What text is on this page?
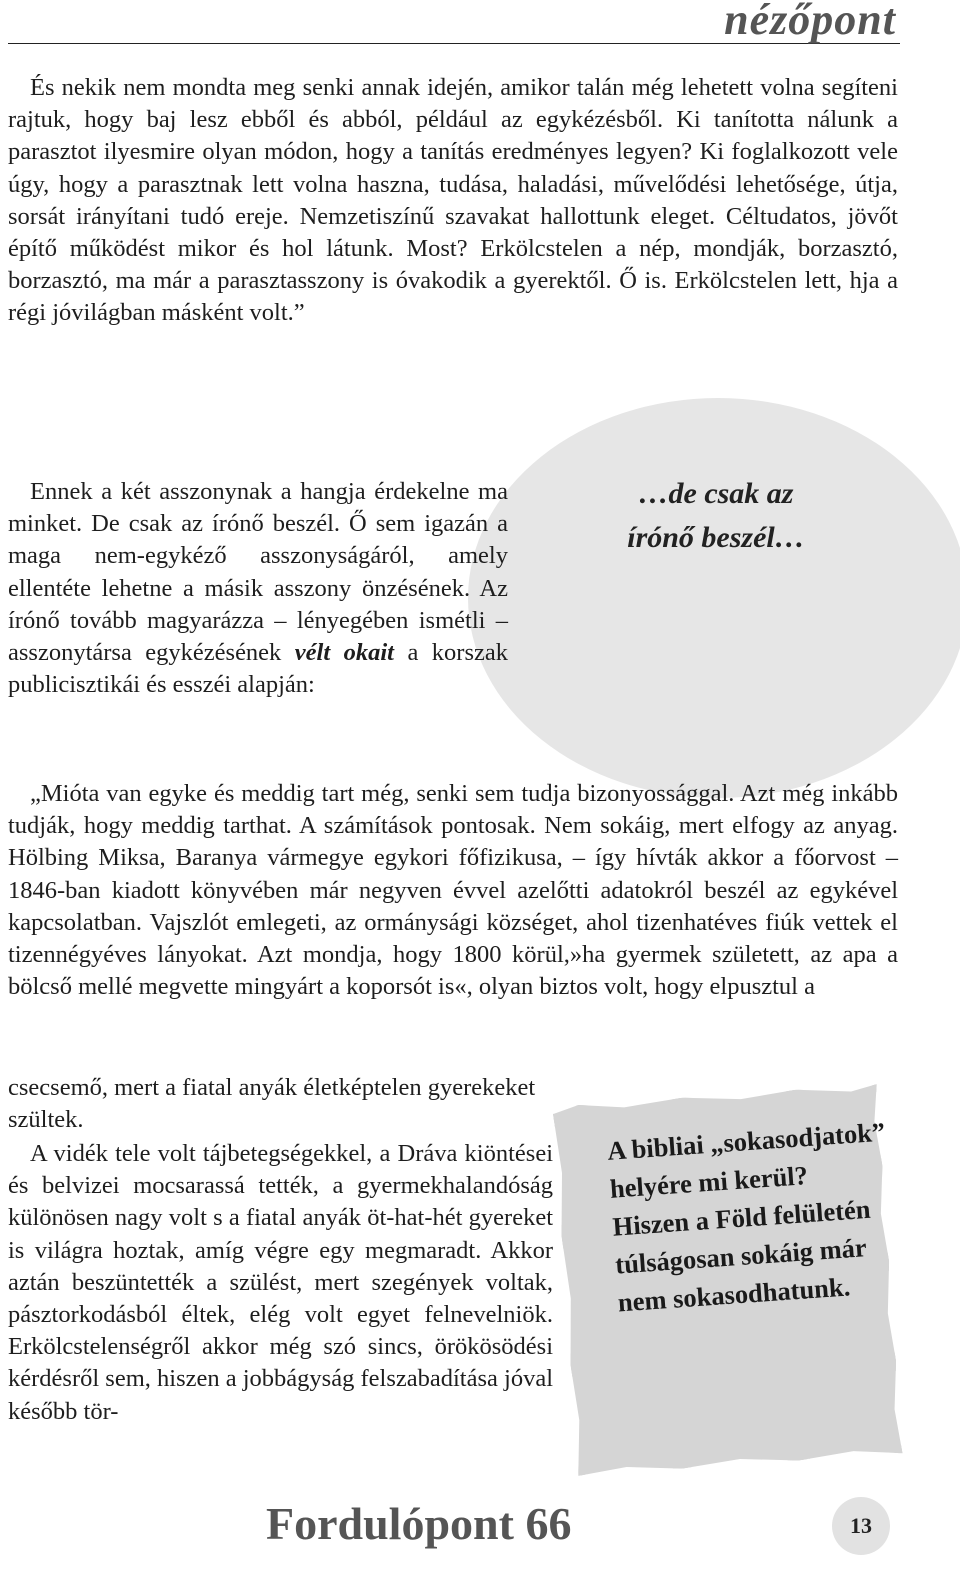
nézőpont

…de csak az írónő beszél…

És nekik nem mondta meg senki annak idején, amikor talán még lehetett volna segíteni rajtuk, hogy baj lesz ebből és abból, például az egykézésből. Ki tanította nálunk a parasztot ilyesmire olyan módon, hogy a tanítás eredményes legyen? Ki foglalkozott vele úgy, hogy a parasztnak lett volna haszna, tudása, haladási, művelődési lehetősége, útja, sorsát irányítani tudó ereje. Nemzetiszínű szavakat hallottunk eleget. Céltudatos, jövőt építő működést mikor és hol látunk. Most? Erkölcstelen a nép, mondják, borzasztó, borzasztó, ma már a parasztasszony is óvakodik a gyerektől. Ő is. Erkölcstelen lett, hja a régi jóvilágban másként volt.”

Ennek a két asszonynak a hangja érdekelne ma minket. De csak az írónő beszél. Ő sem igazán a maga nem-egykéző asszonyságáról, amely ellentéte lehetne a másik asszony önzésének. Az írónő tovább magyarázza – lényegében ismétli – asszonytársa egykézésének vélt okait a korszak publicisztikái és esszéi alapján:

„Mióta van egyke és meddig tart még, senki sem tudja bizonyossággal. Azt még inkább tudják, hogy meddig tarthat. A számítások pontosak. Nem sokáig, mert elfogy az anyag. Hölbing Miksa, Baranya vármegye egykori főfizikusa, – így hívták akkor a főorvost – 1846-ban kiadott könyvében már negyven évvel azelőtti adatokról beszél az egykével kapcsolatban. Vajszlót emlegeti, az ormánysági községet, ahol tizenhatéves fiúk vettek el tizennégyéves lányokat. Azt mondja, hogy 1800 körül,»ha gyermek született, az apa a bölcső mellé megvette mingyárt a koporsót is«, olyan biztos volt, hogy elpusztul a

csecsemő, mert a fiatal anyák életképtelen gyerekeket szültek.

A vidék tele volt tájbetegségekkel, a Dráva kiöntései és belvizei mocsarassá tették, a gyermekhalandóság különösen nagy volt s a fiatal anyák öt-hat-hét gyereket is világra hoztak, amíg végre egy megmaradt. Akkor aztán beszüntették a szülést, mert szegények voltak, pásztorkodásból éltek, elég volt egyet felnevelniök. Erkölcstelenségről akkor még szó sincs, örökösödési kérdésről sem, hiszen a jobbágyság felszabadítása jóval később tör-

A bibliai „sokasodjatok” helyére mi kerül? Hiszen a Föld felületén túlságosan sokáig már nem sokasodhatunk.

Fordulópont 66	13
